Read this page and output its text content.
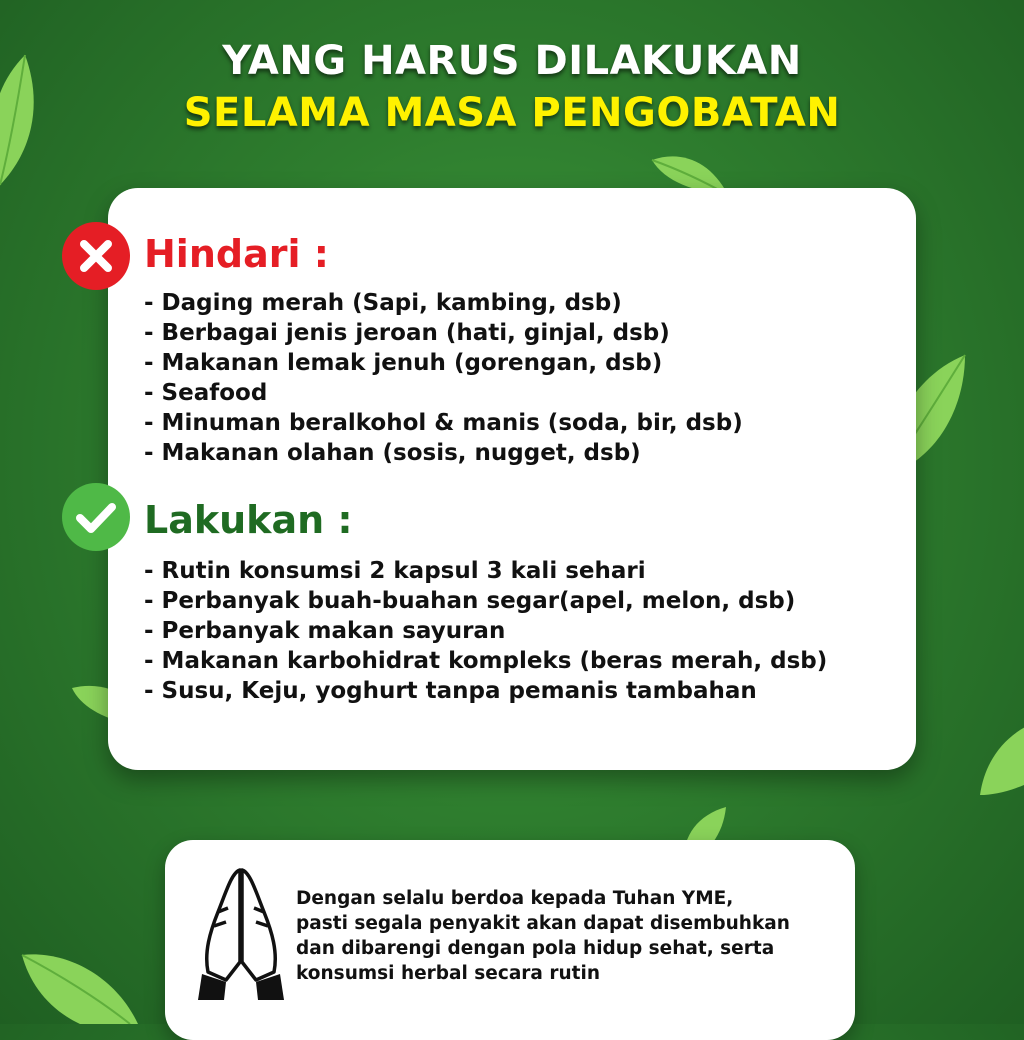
YANG HARUS DILAKUKAN
SELAMA MASA PENGOBATAN
Hindari :
- Daging merah (Sapi, kambing, dsb)
- Berbagai jenis jeroan (hati, ginjal, dsb)
- Makanan lemak jenuh (gorengan, dsb)
- Seafood
- Minuman beralkohol & manis (soda, bir, dsb)
- Makanan olahan (sosis, nugget, dsb)
Lakukan :
- Rutin konsumsi 2 kapsul 3 kali sehari
- Perbanyak buah-buahan segar(apel, melon, dsb)
- Perbanyak makan sayuran
- Makanan karbohidrat kompleks (beras merah, dsb)
- Susu, Keju, yoghurt tanpa pemanis tambahan
Dengan selalu berdoa kepada Tuhan YME,
pasti segala penyakit akan dapat disembuhkan
dan dibarengi dengan pola hidup sehat, serta
konsumsi herbal secara rutin
